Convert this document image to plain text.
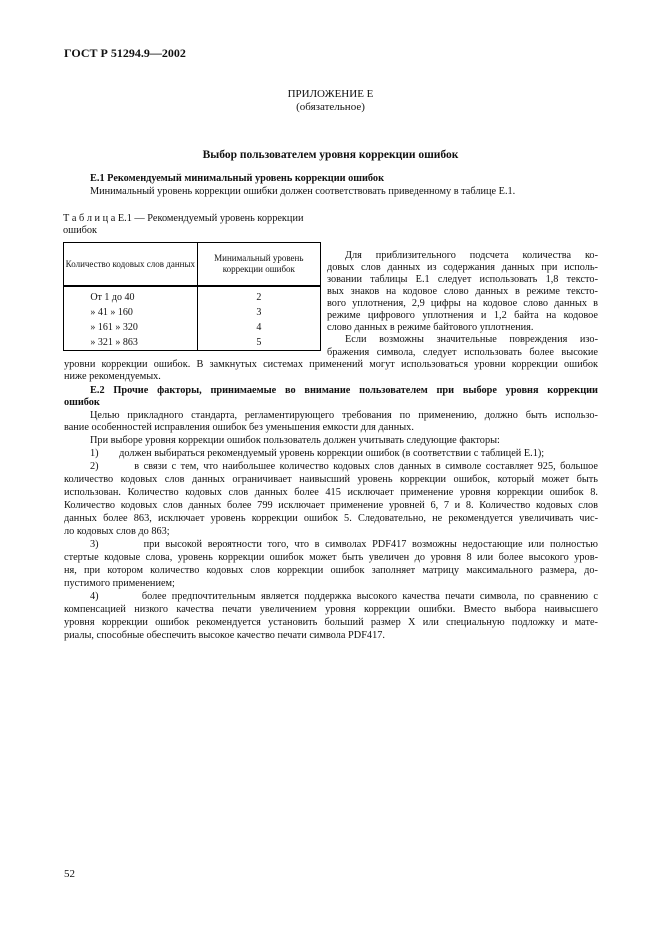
ГОСТ Р 51294.9—2002
ПРИЛОЖЕНИЕ Е
(обязательное)
Выбор пользователем уровня коррекции ошибок
Е.1 Рекомендуемый минимальный уровень коррекции ошибок
Минимальный уровень коррекции ошибки должен соответствовать приведенному в таблице Е.1.
Т а б л и ц а Е.1 — Рекомендуемый уровень коррекции
ошибок
Количество кодовых слов данных	Минимальный уровень коррекции ошибок
От 1 до 40	2
» 41 » 160	3
» 161 » 320	4
» 321 » 863	5
Для приблизительного подсчета количества ко-
довых слов данных из содержания данных при исполь-
зовании таблицы Е.1 следует использовать 1,8 тексто-
вых знаков на кодовое слово данных в режиме тексто-
вого уплотнения, 2,9 цифры на кодовое слово данных в
режиме цифрового уплотнения и 1,2 байта на кодовое
слово данных в режиме байтового уплотнения.
Если возможны значительные повреждения изо-
бражения символа, следует использовать более высокие
уровни коррекции ошибок. В замкнутых системах применений могут использоваться уровни коррекции ошибок
ниже рекомендуемых.
Е.2 Прочие факторы, принимаемые во внимание пользователем при выборе уровня коррекции
ошибок
Целью прикладного стандарта, регламентирующего требования по применению, должно быть использо-
вание особенностей исправления ошибок без уменьшения емкости для данных.
При выборе уровня коррекции ошибок пользователь должен учитывать следующие факторы:
1)        должен выбираться рекомендуемый уровень коррекции ошибок (в соответствии с таблицей Е.1);
2)        в связи с тем, что наибольшее количество кодовых слов данных в символе составляет 925, большое
количество кодовых слов данных ограничивает наивысший уровень коррекции ошибок, который может быть
использован. Количество кодовых слов данных более 415 исключает применение уровня коррекции ошибок 8.
Количество кодовых слов данных более 799 исключает применение уровней 6, 7 и 8. Количество кодовых слов
данных более 863, исключает уровень коррекции ошибок 5. Следовательно, не рекомендуется увеличивать чис-
ло кодовых слов до 863;
3)        при высокой вероятности того, что в символах PDF417 возможны недостающие или полностью
стертые кодовые слова, уровень коррекции ошибок может быть увеличен до уровня 8 или более высокого уров-
ня, при котором количество кодовых слов коррекции ошибок заполняет матрицу максимального размера, до-
пустимого применением;
4)        более предпочтительным является поддержка высокого качества печати символа, по сравнению с
компенсацией низкого качества печати увеличением уровня коррекции ошибки. Вместо выбора наивысшего
уровня коррекции ошибок рекомендуется установить больший размер X или специальную подложку и мате-
риалы, способные обеспечить высокое качество печати символа PDF417.
52
